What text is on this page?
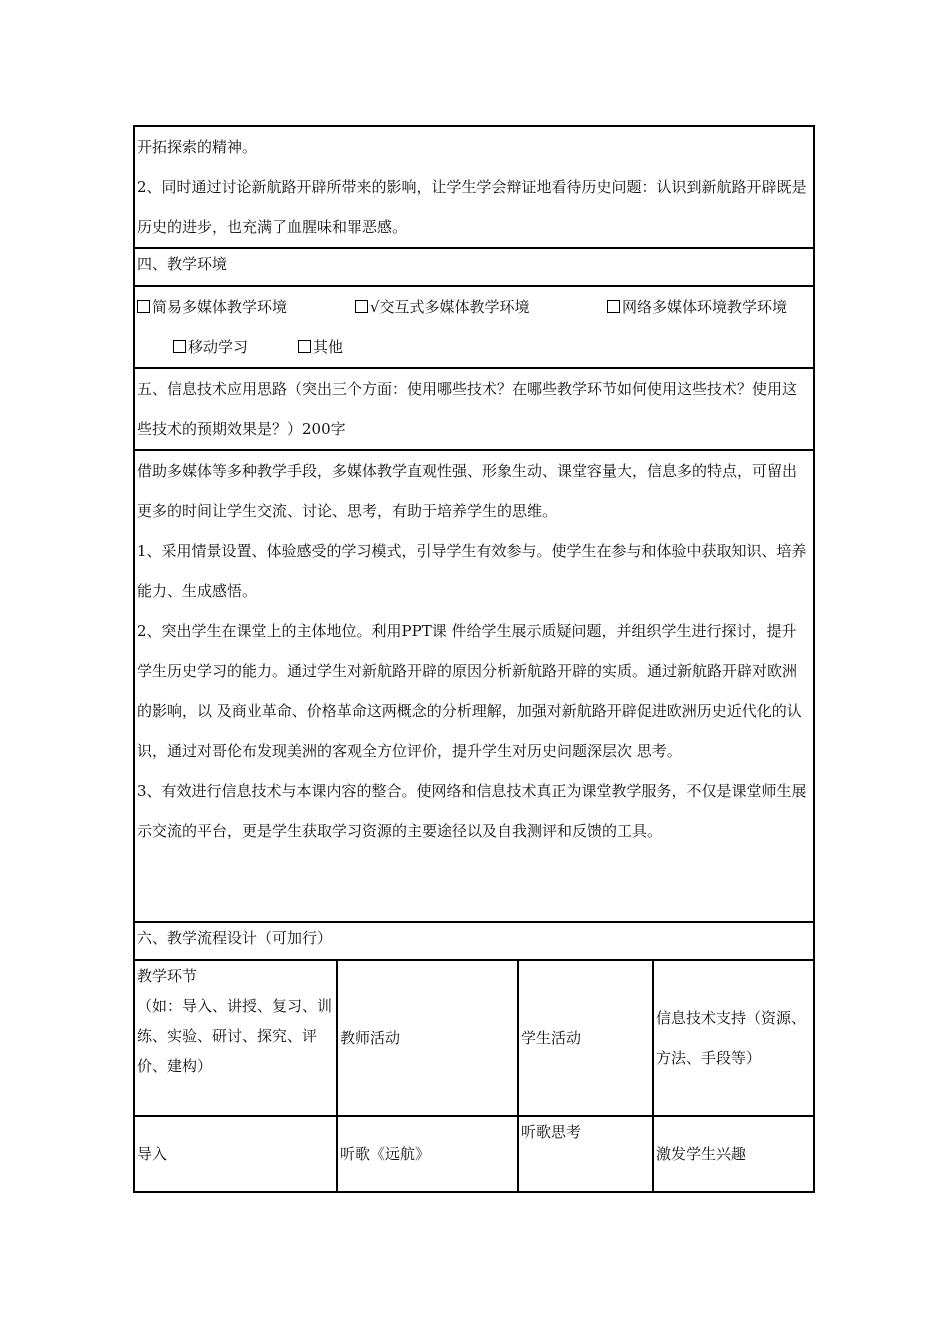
开拓探索的精神。

2、同时通过讨论新航路开辟所带来的影响，让学生学会辩证地看待历史问题：认识到新航路开辟既是历史的进步，也充满了血腥味和罪恶感。			

四、教学环境			

简易多媒体教学环境 √交互式多媒体教学环境 网络多媒体环境教学环境
移动学习 其他			

五、信息技术应用思路（突出三个方面：使用哪些技术？在哪些教学环节如何使用这些技术？使用这些技术的预期效果是？）200字			

借助多媒体等多种教学手段，多媒体教学直观性强、形象生动、课堂容量大，信息多的特点，可留出更多的时间让学生交流、讨论、思考，有助于培养学生的思维。

1、采用情景设置、体验感受的学习模式，引导学生有效参与。使学生在参与和体验中获取知识、培养能力、生成感悟。

2、突出学生在课堂上的主体地位。利用PPT课 件给学生展示质疑问题，并组织学生进行探讨，提升学生历史学习的能力。通过学生对新航路开辟的原因分析新航路开辟的实质。通过新航路开辟对欧洲的影响，以 及商业革命、价格革命这两概念的分析理解，加强对新航路开辟促进欧洲历史近代化的认识，通过对哥伦布发现美洲的客观全方位评价，提升学生对历史问题深层次 思考。

3、有效进行信息技术与本课内容的整合。使网络和信息技术真正为课堂教学服务，不仅是课堂师生展示交流的平台，更是学生获取学习资源的主要途径以及自我测评和反馈的工具。			

六、教学流程设计（可加行）			

教学环节
（如：导入、讲授、复习、训练、实验、研讨、探究、评价、建构）	教师活动	学生活动	信息技术支持（资源、方法、手段等）
导入	听歌《远航》	听歌思考	激发学生兴趣
